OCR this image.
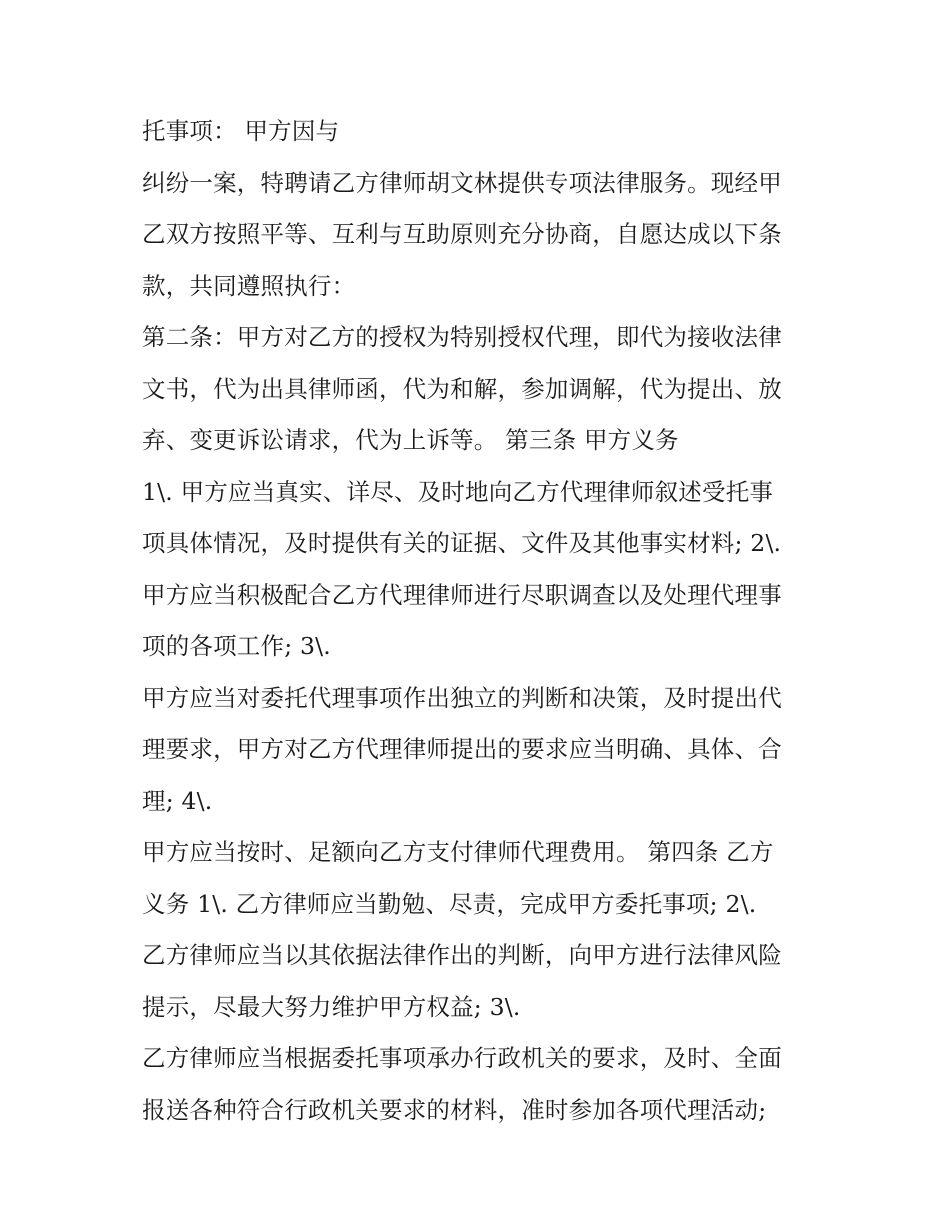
托事项： 甲方因与
纠纷一案，特聘请乙方律师胡文林提供专项法律服务。现经甲
乙双方按照平等、互利与互助原则充分协商，自愿达成以下条
款，共同遵照执行：
第二条：甲方对乙方的授权为特别授权代理，即代为接收法律
文书，代为出具律师函，代为和解，参加调解，代为提出、放
弃、变更诉讼请求，代为上诉等。 第三条 甲方义务
1\. 甲方应当真实、详尽、及时地向乙方代理律师叙述受托事
项具体情况，及时提供有关的证据、文件及其他事实材料; 2\.
甲方应当积极配合乙方代理律师进行尽职调查以及处理代理事
项的各项工作; 3\.
甲方应当对委托代理事项作出独立的判断和决策，及时提出代
理要求，甲方对乙方代理律师提出的要求应当明确、具体、合
理; 4\.
甲方应当按时、足额向乙方支付律师代理费用。 第四条 乙方
义务 1\. 乙方律师应当勤勉、尽责，完成甲方委托事项; 2\.
乙方律师应当以其依据法律作出的判断，向甲方进行法律风险
提示，尽最大努力维护甲方权益; 3\.
乙方律师应当根据委托事项承办行政机关的要求，及时、全面
报送各种符合行政机关要求的材料，准时参加各项代理活动;
